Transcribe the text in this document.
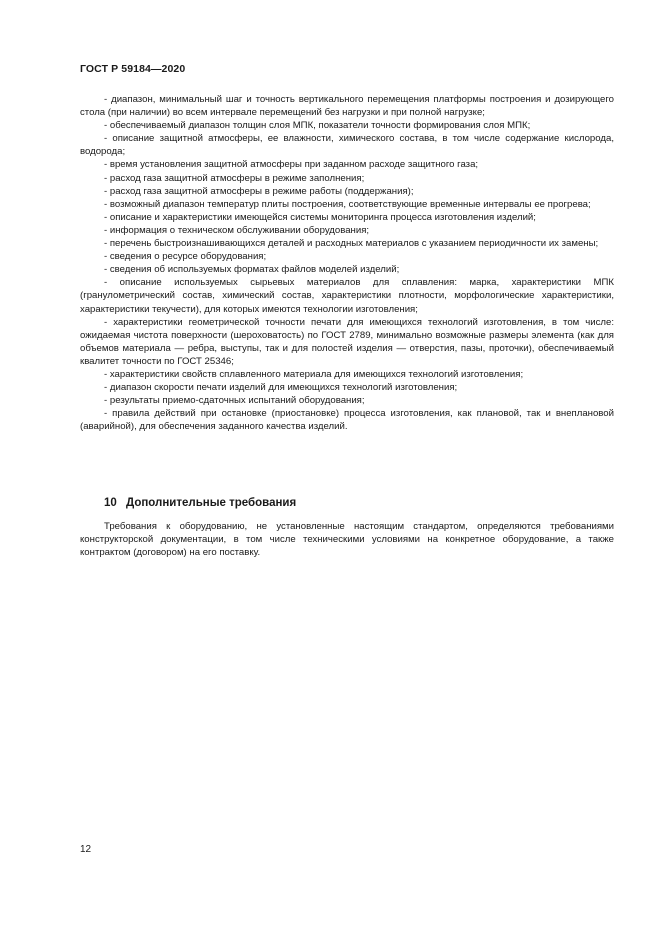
ГОСТ Р 59184—2020

- диапазон, минимальный шаг и точность вертикального перемещения платформы построения и дозирующего стола (при наличии) во всем интервале перемещений без нагрузки и при полной нагрузке;

- обеспечиваемый диапазон толщин слоя МПК, показатели точности формирования слоя МПК;

- описание защитной атмосферы, ее влажности, химического состава, в том числе содержание кислорода, водорода;

- время установления защитной атмосферы при заданном расходе защитного газа;

- расход газа защитной атмосферы в режиме заполнения;

- расход газа защитной атмосферы в режиме работы (поддержания);

- возможный диапазон температур плиты построения, соответствующие временные интервалы ее прогрева;

- описание и характеристики имеющейся системы мониторинга процесса изготовления изделий;

- информация о техническом обслуживании оборудования;

- перечень быстроизнашивающихся деталей и расходных материалов с указанием периодичности их замены;

- сведения о ресурсе оборудования;

- сведения об используемых форматах файлов моделей изделий;

- описание используемых сырьевых материалов для сплавления: марка, характеристики МПК (гранулометрический состав, химический состав, характеристики плотности, морфологические характеристики, характеристики текучести), для которых имеются технологии изготовления;

- характеристики геометрической точности печати для имеющихся технологий изготовления, в том числе: ожидаемая чистота поверхности (шероховатость) по ГОСТ 2789, минимально возможные размеры элемента (как для объемов материала — ребра, выступы, так и для полостей изделия — отверстия, пазы, проточки), обеспечиваемый квалитет точности по ГОСТ 25346;

- характеристики свойств сплавленного материала для имеющихся технологий изготовления;

- диапазон скорости печати изделий для имеющихся технологий изготовления;

- результаты приемо-сдаточных испытаний оборудования;

- правила действий при остановке (приостановке) процесса изготовления, как плановой, так и внеплановой (аварийной), для обеспечения заданного качества изделий.

10 Дополнительные требования

Требования к оборудованию, не установленные настоящим стандартом, определяются требованиями конструкторской документации, в том числе техническими условиями на конкретное оборудование, а также контрактом (договором) на его поставку.

12
